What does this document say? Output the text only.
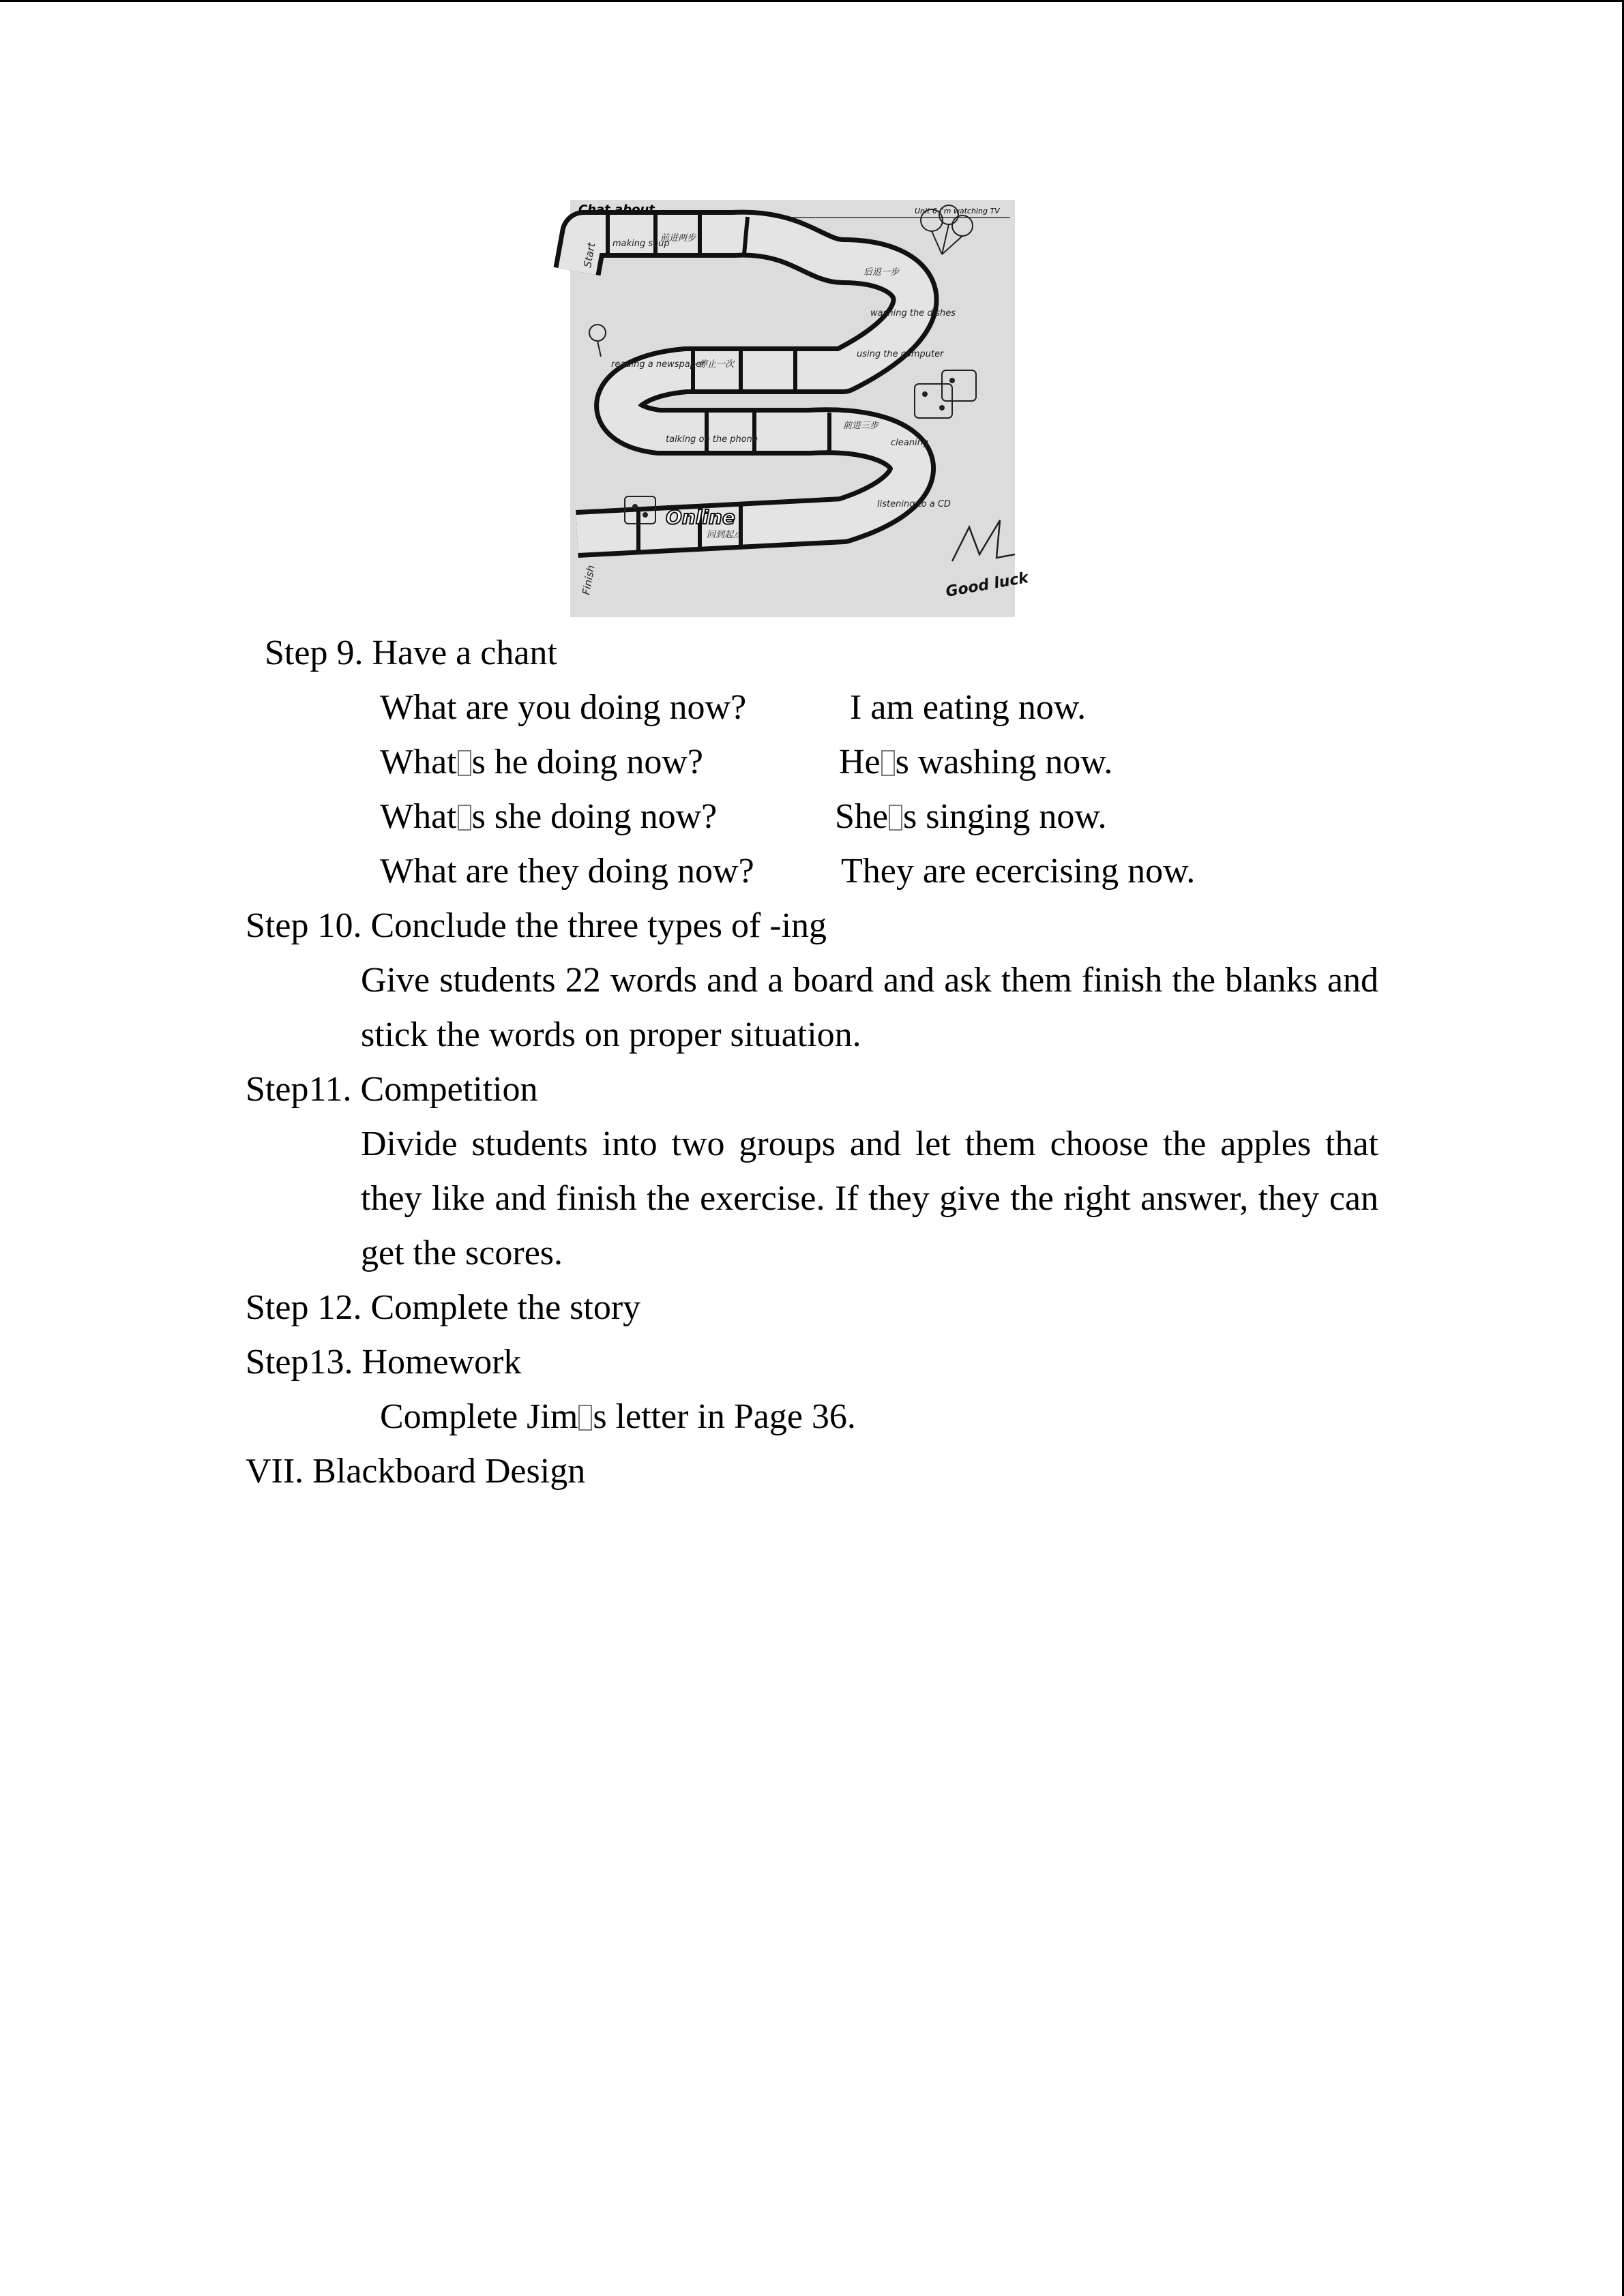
Chat about	Unit 6 I'm watching TV
making soup
前进两步
后退一步
washing the dishes
reading a newspaper
停止一次
using the computer
talking on the phone
前进三步
cleaning
listening to a CD
回到起点
Start
Finish
Online
Good luck
Step 9. Have a chant
What are you doing now?	I am eating now.
What s he doing now?	He s washing now.
What s she doing now?	She s singing now.
What are they doing now? They are ecercising now.
Step 10. Conclude the three types of -ing
Give students 22 words and a board and ask them finish the blanks and stick the words on proper situation.
Step11. Competition
Divide students into two groups and let them choose the apples that they like and finish the exercise. If they give the right answer, they can get the scores.
Step 12. Complete the story
Step13. Homework
Complete Jim s letter in Page 36.
VII. Blackboard Design
